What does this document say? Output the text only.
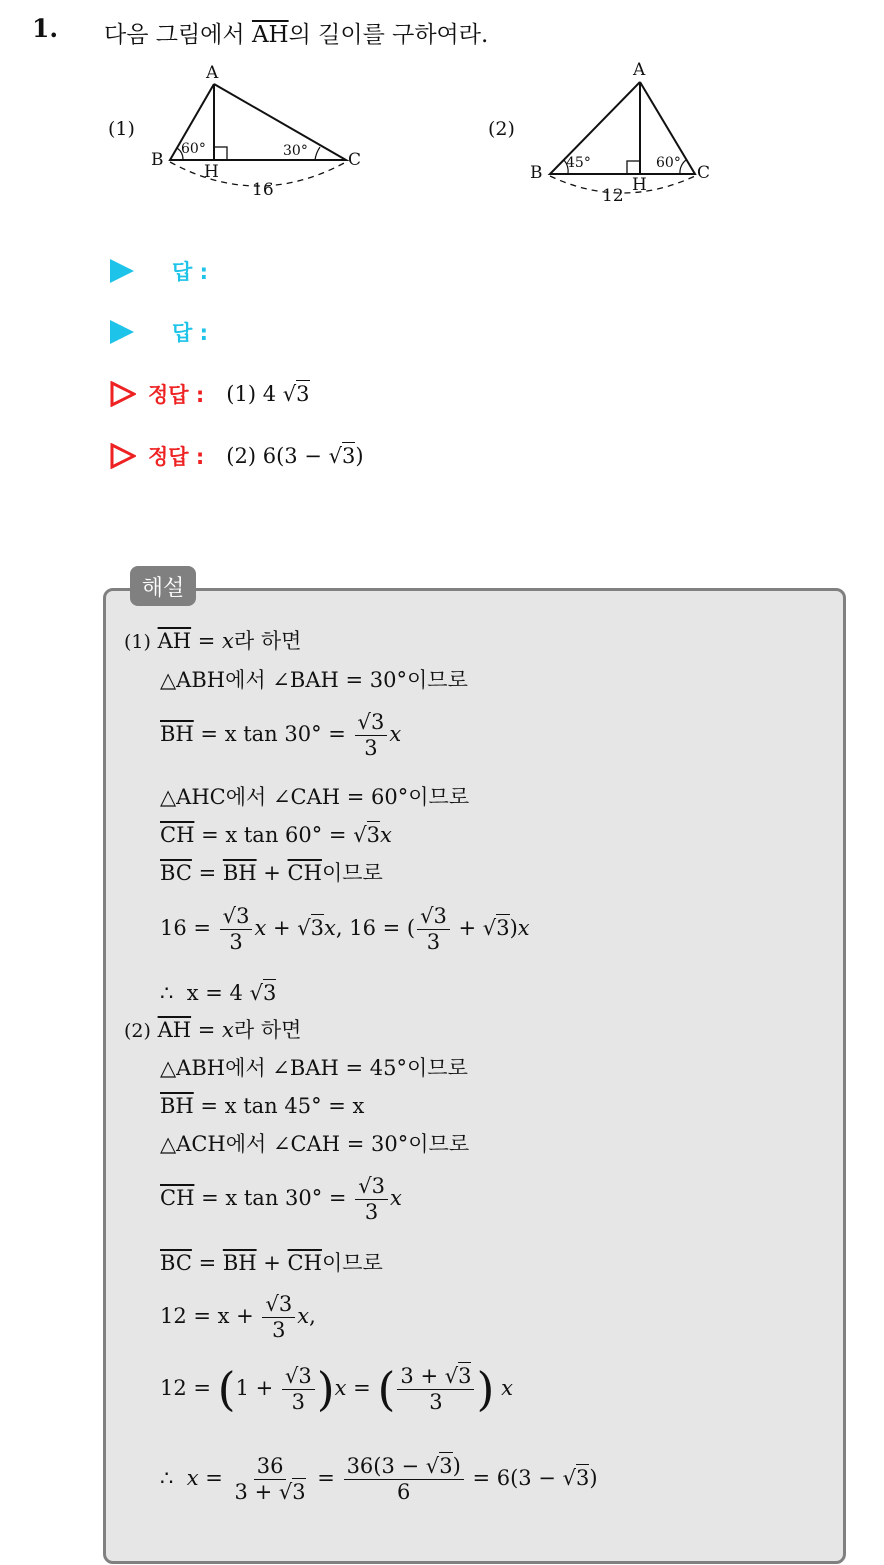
1. 다음 그림에서 $\overline{AH}$의 길이를 구하여라.
(1)
A
B	C
H
60°	30°
16
(2)
A
B	C
H
45°	60°
12
답 :
답 :
정답 : (1) 4 √3
정답 : (2) 6(3 − √3)
해설
(1) $\overline{AH} = x$라 하면
△ABH에서 ∠BAH = 30°이므로
$\overline{BH} = x$ $\tan 30^\circ = \frac{√3}{3}$ x
△AHC에서 ∠CAH = 60°이므로
$\overline{CH} = x$ tan 60° = √3x
$\overline{BC} = \overline{BH} + \overline{CH}$이므로
$16 = \frac{√3}{3}$ x + √3x, 16 = ( $\frac{√3}{3} + √3)x$
∴ x = 4 √3
(2) $\overline{AH} = x$라 하면
△ABH에서 ∠BAH = 45°이므로
$\overline{BH} = x$ tan 45° = x
△ACH에서 ∠CAH = 30°이므로
$\overline{CH} = x$ $\tan 30^\circ = \frac{√3}{3}$ x
$\overline{BC} = \overline{BH} + \overline{CH}$이므로
$12 = x + \frac{√3}{3} x$,
$12 = (1 + \frac{√3}{3} )x$ = ( $\frac{3 + √3}{3}$ ) x
∴ $x = \frac{36}{3 + √3} = \frac{36(3 - √3)}{6} = 6(3 - √3)$
